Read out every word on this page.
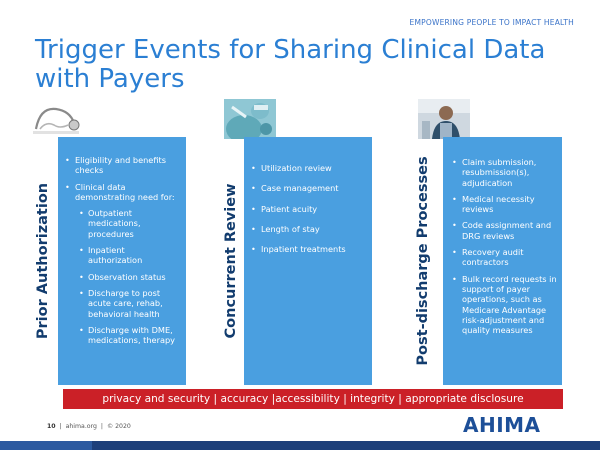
EMPOWERING PEOPLE TO IMPACT HEALTH
Trigger Events for Sharing Clinical Data with Payers
Prior Authorization
• Eligibility and benefits checks
• Clinical data demonstrating need for:
• Outpatient medications, procedures
• Inpatient authorization
• Observation status
• Discharge to post acute care, rehab, behavioral health
• Discharge with DME, medications, therapy
Concurrent Review
• Utilization review
• Case management
• Patient acuity
• Length of stay
• Inpatient treatments	Post-discharge Processes
•	Claim submission, resubmission(s), adjudication
• Medical necessity reviews
• Code assignment and DRG reviews
• Recovery audit contractors
• Bulk record requests in support of payer operations, such as Medicare Advantage risk-adjustment and quality measures
privacy and security | accuracy |accessibility | integrity | appropriate disclosure
10  |  ahima.org  |  © 2020	AHIMA
